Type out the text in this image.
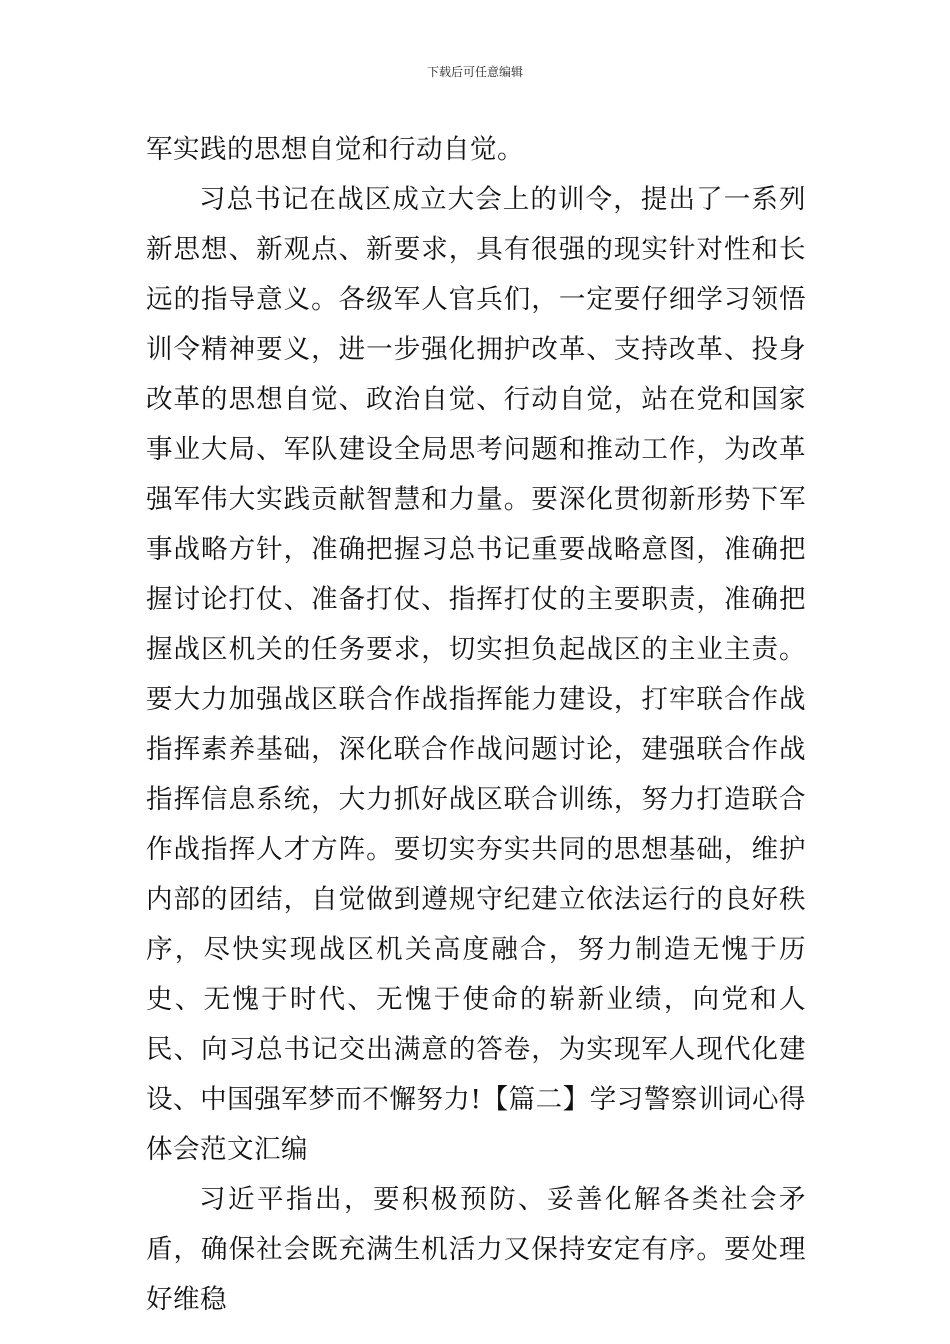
下载后可任意编辑

军实践的思想自觉和行动自觉。

习总书记在战区成立大会上的训令，提出了一系列新思想、新观点、新要求，具有很强的现实针对性和长远的指导意义。各级军人官兵们，一定要仔细学习领悟训令精神要义，进一步强化拥护改革、支持改革、投身改革的思想自觉、政治自觉、行动自觉，站在党和国家事业大局、军队建设全局思考问题和推动工作，为改革强军伟大实践贡献智慧和力量。要深化贯彻新形势下军事战略方针，准确把握习总书记重要战略意图，准确把握讨论打仗、准备打仗、指挥打仗的主要职责，准确把握战区机关的任务要求，切实担负起战区的主业主责。要大力加强战区联合作战指挥能力建设，打牢联合作战指挥素养基础，深化联合作战问题讨论，建强联合作战指挥信息系统，大力抓好战区联合训练，努力打造联合作战指挥人才方阵。要切实夯实共同的思想基础，维护内部的团结，自觉做到遵规守纪建立依法运行的良好秩序，尽快实现战区机关高度融合，努力制造无愧于历史、无愧于时代、无愧于使命的崭新业绩，向党和人民、向习总书记交出满意的答卷，为实现军人现代化建设、中国强军梦而不懈努力!【篇二】学习警察训词心得体会范文汇编

习近平指出，要积极预防、妥善化解各类社会矛盾，确保社会既充满生机活力又保持安定有序。要处理好维稳
